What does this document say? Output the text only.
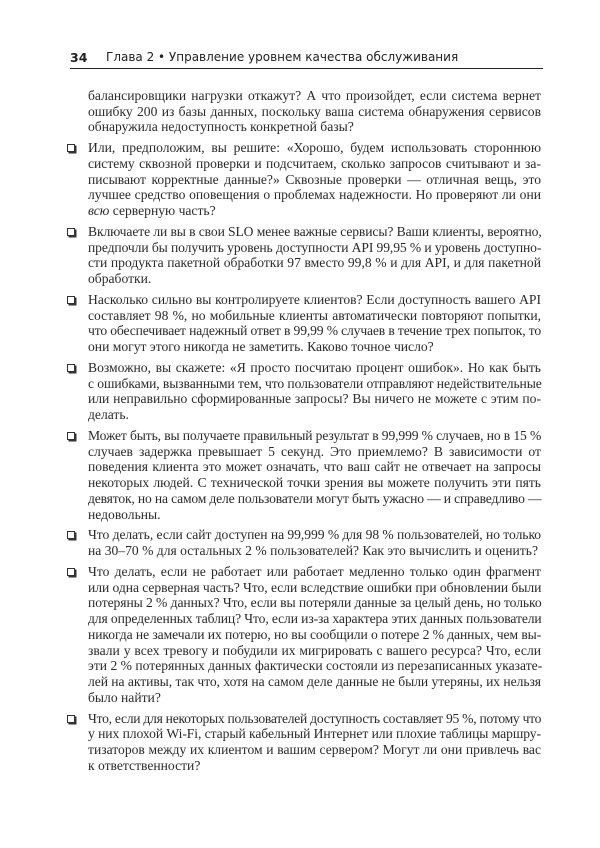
34 Глава 2 • Управление уровнем качества обслуживания
балансировщики нагрузки откажут? А что произойдет, если система вернет
ошибку 200 из базы данных, поскольку ваша система обнаружения сервисов
обнаружила недоступность конкретной базы?
Или, предположим, вы решите: «Хорошо, будем использовать стороннюю
систему сквозной проверки и подсчитаем, сколько запросов считывают и за-
писывают корректные данные?» Сквозные проверки — отличная вещь, это
лучшее средство оповещения о проблемах надежности. Но проверяют ли они
всю серверную часть?
Включаете ли вы в свои SLO менее важные сервисы? Ваши клиенты, вероятно,
предпочли бы получить уровень доступности API 99,95 % и уровень доступно-
сти продукта пакетной обработки 97 вместо 99,8 % и для API, и для пакетной
обработки.
Насколько сильно вы контролируете клиентов? Если доступность вашего API
составляет 98 %, но мобильные клиенты автоматически повторяют попытки,
что обеспечивает надежный ответ в 99,99 % случаев в течение трех попыток, то
они могут этого никогда не заметить. Каково точное число?
Возможно, вы скажете: «Я просто посчитаю процент ошибок». Но как быть
с ошибками, вызванными тем, что пользователи отправляют недействительные
или неправильно сформированные запросы? Вы ничего не можете с этим по-
делать.
Может быть, вы получаете правильный результат в 99,999 % случаев, но в 15 %
случаев задержка превышает 5 секунд. Это приемлемо? В зависимости от
поведения клиента это может означать, что ваш сайт не отвечает на запросы
некоторых людей. С технической точки зрения вы можете получить эти пять
девяток, но на самом деле пользователи могут быть ужасно — и справедливо —
недовольны.
Что делать, если сайт доступен на 99,999 % для 98 % пользователей, но только
на 30–70 % для остальных 2 % пользователей? Как это вычислить и оценить?
Что делать, если не работает или работает медленно только один фрагмент
или одна серверная часть? Что, если вследствие ошибки при обновлении были
потеряны 2 % данных? Что, если вы потеряли данные за целый день, но только
для определенных таблиц? Что, если из-за характера этих данных пользователи
никогда не замечали их потерю, но вы сообщили о потере 2 % данных, чем вы-
звали у всех тревогу и побудили их мигрировать с вашего ресурса? Что, если
эти 2 % потерянных данных фактически состояли из перезаписанных указате-
лей на активы, так что, хотя на самом деле данные не были утеряны, их нельзя
было найти?
Что, если для некоторых пользователей доступность составляет 95 %, потому что
у них плохой Wi-Fi, старый кабельный Интернет или плохие таблицы маршру-
тизаторов между их клиентом и вашим сервером? Могут ли они привлечь вас
к ответственности?
